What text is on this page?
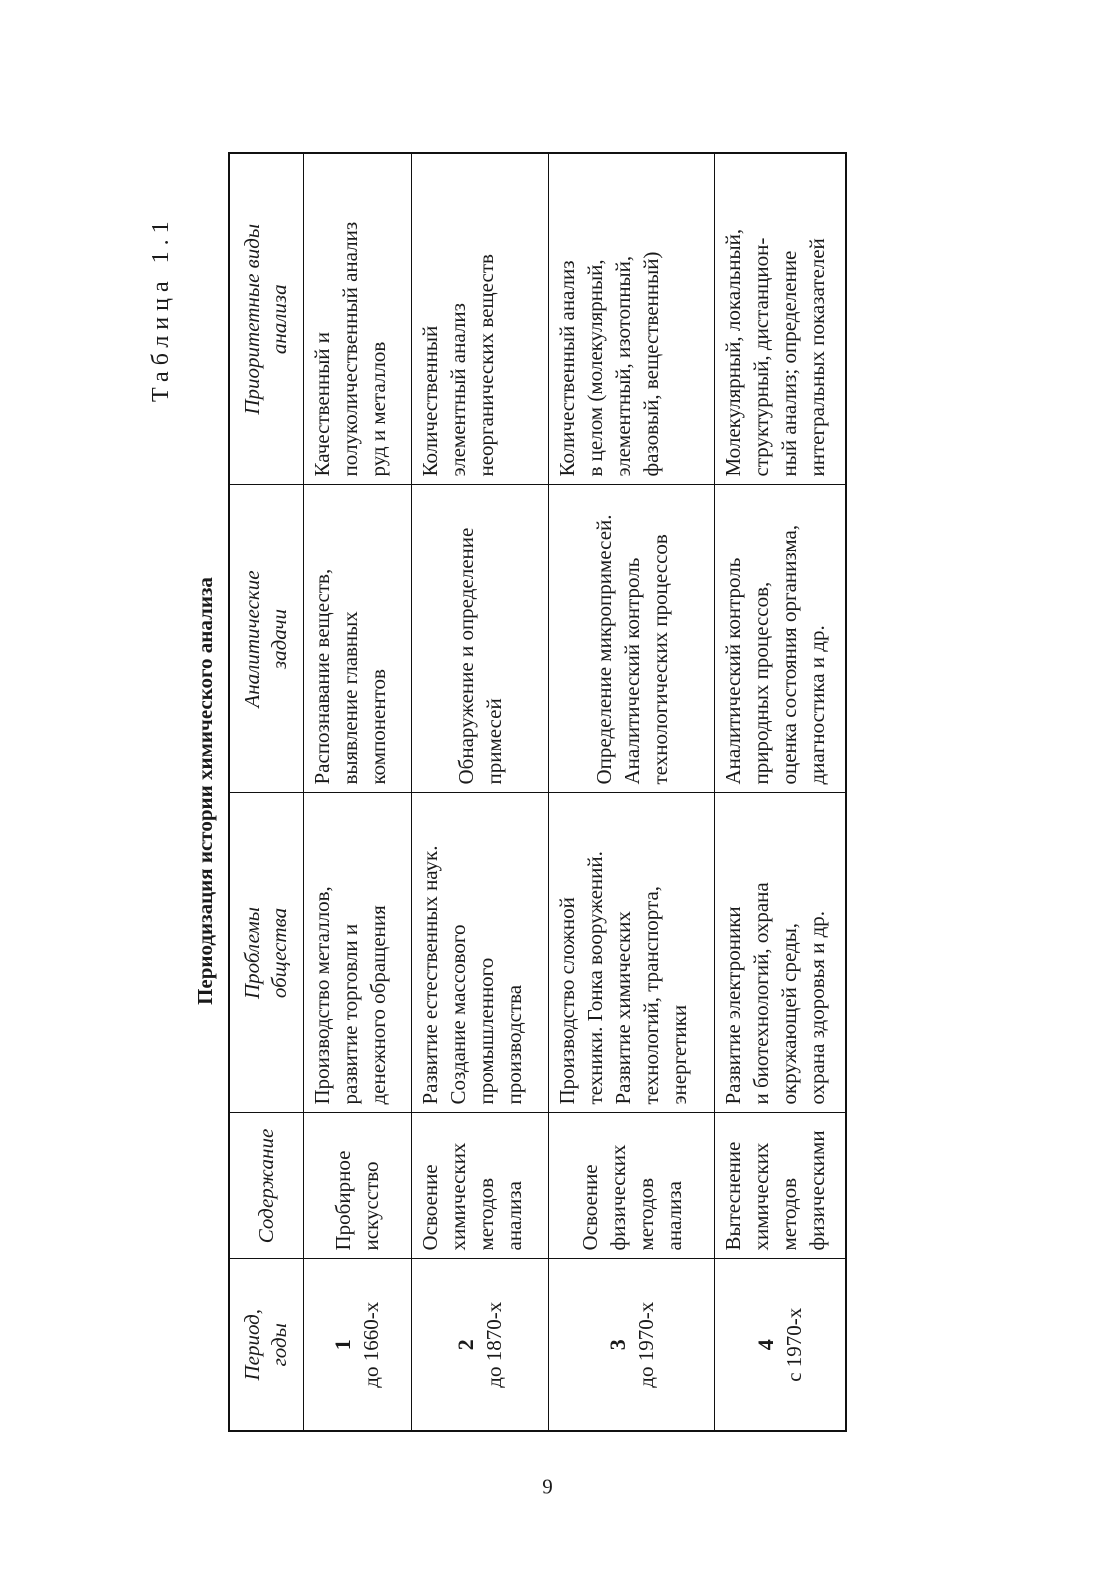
Таблица 1.1

Периодизация истории химического анализа
Период, годы	Содержание	Проблемы общества	Аналитические задачи	Приоритетные виды анализа

1 до 1660-х	Пробирное искусство	Производство металлов, развитие торговли и денежного обращения	Распознавание веществ, выявление главных компонентов	Качественный и полуколичественный анализ руд и металлов

2 до 1870-х	Освоение химических методов анализа	Развитие естественных наук. Создание массового промышленного производства	Обнаружение и определение примесей	Количественный элементный анализ неорганических веществ

3 до 1970-х	Освоение физических методов анализа	Производство сложной техники. Гонка вооружений. Развитие химических технологий, транспорта, энергетики	Определение микропримесей. Аналитический контроль технологических процессов	Количественный анализ в целом (молекулярный, элементный, изотопный, фазовый, вещественный)

4 с 1970-х	Вытеснение химических методов физическими	Развитие электроники и биотехнологий, охрана окружающей среды, охрана здоровья и др.	Аналитический контроль природных процессов, оценка состояния организма, диагностика и др.	Молекулярный, локальный, структурный, дистанцион- ный анализ; определение интегральных показателей

9
